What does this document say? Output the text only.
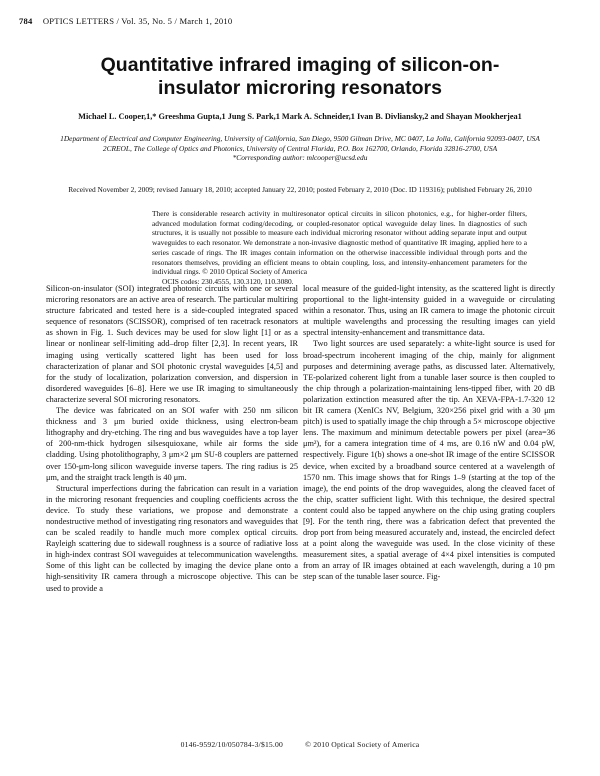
784 OPTICS LETTERS / Vol. 35, No. 5 / March 1, 2010
Quantitative infrared imaging of silicon-on-insulator microring resonators
Michael L. Cooper,1,* Greeshma Gupta,1 Jung S. Park,1 Mark A. Schneider,1 Ivan B. Divliansky,2 and Shayan Mookherjea1

1Department of Electrical and Computer Engineering, University of California, San Diego, 9500 Gilman Drive, MC 0407, La Jolla, California 92093-0407, USA

2CREOL, The College of Optics and Photonics, University of Central Florida, P.O. Box 162700, Orlando, Florida 32816-2700, USA

*Corresponding author: mlcooper@ucsd.edu

Received November 2, 2009; revised January 18, 2010; accepted January 22, 2010; posted February 2, 2010 (Doc. ID 119316); published February 26, 2010

There is considerable research activity in multiresonator optical circuits in silicon photonics, e.g., for higher-order filters, advanced modulation format coding/decoding, or coupled-resonator optical waveguide delay lines. In diagnostics of such structures, it is usually not possible to measure each individual microring resonator without adding separate input and output waveguides to each resonator. We demonstrate a non-invasive diagnostic method of quantitative IR imaging, applied here to a series cascade of rings. The IR images contain information on the otherwise inaccessible individual through ports and the resonators themselves, providing an efficient means to obtain coupling, loss, and intensity-enhancement parameters for the individual rings. © 2010 Optical Society of America

OCIS codes: 230.4555, 130.3120, 110.3080.

Silicon-on-insulator (SOI) integrated photonic circuits with one or several microring resonators are an active area of research. The particular multiring structure fabricated and tested here is a side-coupled integrated spaced sequence of resonators (SCISSOR), comprised of ten racetrack resonators as shown in Fig. 1. Such devices may be used for slow light [1] or as a linear or nonlinear self-limiting add–drop filter [2,3]. In recent years, IR imaging using vertically scattered light has been used for loss characterization of planar and SOI photonic crystal waveguides [4,5] and for the study of localization, polarization conversion, and dispersion in disordered waveguides [6–8]. Here we use IR imaging to simultaneously characterize several SOI microring resonators.

The device was fabricated on an SOI wafer with 250 nm silicon thickness and 3 μm buried oxide thickness, using electron-beam lithography and dry-etching. The ring and bus waveguides have a top layer of 200-nm-thick hydrogen silsesquioxane, while air forms the side cladding. Using photolithography, 3 μm×2 μm SU-8 couplers are patterned over 150-μm-long silicon waveguide inverse tapers. The ring radius is 25 μm, and the straight track length is 40 μm.

Structural imperfections during the fabrication can result in a variation in the microring resonant frequencies and coupling coefficients across the device. To study these variations, we propose and demonstrate a nondestructive method of investigating ring resonators and waveguides that can be scaled readily to handle much more complex optical circuits. Rayleigh scattering due to sidewall roughness is a source of radiative loss in high-index contrast SOI waveguides at telecommunication wavelengths. Some of this light can be collected by imaging the device plane onto a high-sensitivity IR camera through a microscope objective. This can be used to provide a

local measure of the guided-light intensity, as the scattered light is directly proportional to the light-intensity guided in a waveguide or circulating within a resonator. Thus, using an IR camera to image the photonic circuit at multiple wavelengths and processing the resulting images can yield spectral intensity-enhancement and transmittance data.

Two light sources are used separately: a white-light source is used for broad-spectrum incoherent imaging of the chip, mainly for alignment purposes and determining average paths, as discussed later. Alternatively, TE-polarized coherent light from a tunable laser source is then coupled to the chip through a polarization-maintaining lens-tipped fiber, with 20 dB polarization extinction measured after the tip. An XEVA-FPA-1.7-320 12 bit IR camera (XenICs NV, Belgium, 320×256 pixel grid with a 30 μm pitch) is used to spatially image the chip through a 5× microscope objective lens. The maximum and minimum detectable powers per pixel (area=36 μm²), for a camera integration time of 4 ms, are 0.16 nW and 0.04 pW, respectively. Figure 1(b) shows a one-shot IR image of the entire SCISSOR device, when excited by a broadband source centered at a wavelength of 1570 nm. This image shows that for Rings 1–9 (starting at the top of the image), the end points of the drop waveguides, along the cleaved facet of the chip, scatter sufficient light. With this technique, the desired spectral content could also be tapped anywhere on the chip using grating couplers [9]. For the tenth ring, there was a fabrication defect that prevented the drop port from being measured accurately and, instead, the encircled defect at a point along the waveguide was used. In the close vicinity of these measurement sites, a spatial average of 4×4 pixel intensities is computed from an array of IR images obtained at each wavelength, during a 10 pm step scan of the tunable laser source. Fig-

0146-9592/10/050784-3/$15.00	© 2010 Optical Society of America
